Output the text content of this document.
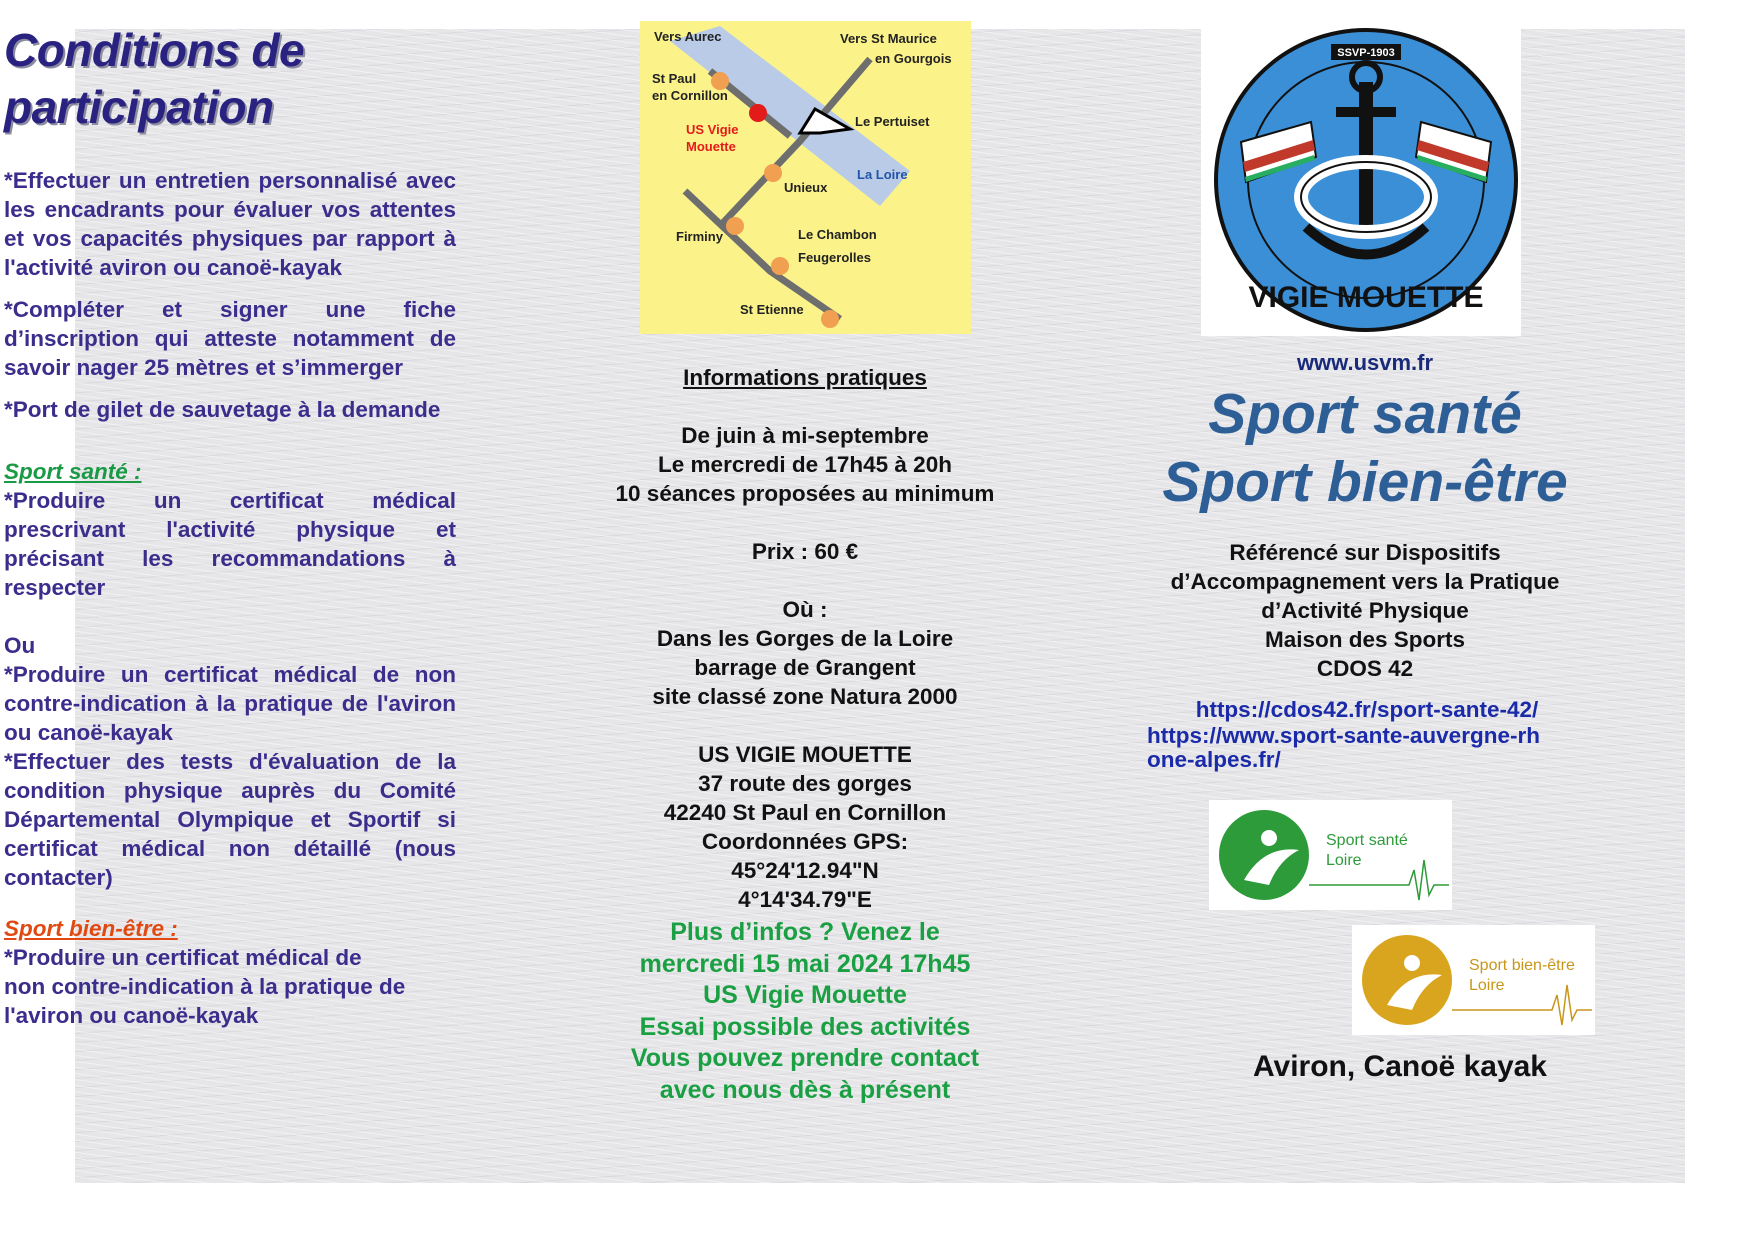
Conditions de
participation

*Effectuer un entretien personnalisé avec les encadrants pour évaluer vos attentes et vos capacités physiques par rapport à l'activité aviron ou canoë-kayak

*Compléter et signer une fiche d’inscription qui atteste notamment de savoir nager 25 mètres et s’immerger

*Port de gilet de sauvetage à la demande

Sport santé :

*Produire un certificat médical prescrivant l'activité physique et précisant les recommandations à respecter

Ou

*Produire un certificat médical de non contre-indication à la pratique de l'aviron ou canoë-kayak

*Effectuer des tests d'évaluation de la condition physique auprès du Comité Départemental Olympique et Sportif si certificat médical non détaillé (nous contacter)

Sport bien-être :
*Produire un certificat médical de
non contre-indication à la pratique de
l'aviron ou canoë-kayak
Vers Aurec	Vers St Maurice
en Gourgois
St Paul
en Cornillon
US Vigie
Mouette
Le Pertuiset
La Loire
Unieux
Firminy	Le Chambon
Feugerolles
St Etienne
Informations pratiques
De juin à mi-septembre
Le mercredi de 17h45 à 20h
10 séances proposées au minimum
Prix : 60 €
Où :
Dans les Gorges de la Loire
barrage de Grangent
site classé zone Natura 2000
US VIGIE MOUETTE
37 route des gorges
42240 St Paul en Cornillon
Coordonnées GPS:
45°24'12.94"N
4°14'34.79"E
Plus d’infos ? Venez le
mercredi 15 mai 2024 17h45
US Vigie Mouette
Essai possible des activités
Vous pouvez prendre contact
avec nous dès à présent
SSVP-1903
VIGIE MOUETTE
www.usvm.fr
Sport santé
Sport bien-être
Référencé sur Dispositifs
d’Accompagnement vers la Pratique
d’Activité Physique
Maison des Sports
CDOS 42
https://cdos42.fr/sport-sante-42/
https://www.sport-sante-auvergne-rh
one-alpes.fr/
Sport santé
Loire
Sport bien-être
Loire
Aviron, Canoë kayak
